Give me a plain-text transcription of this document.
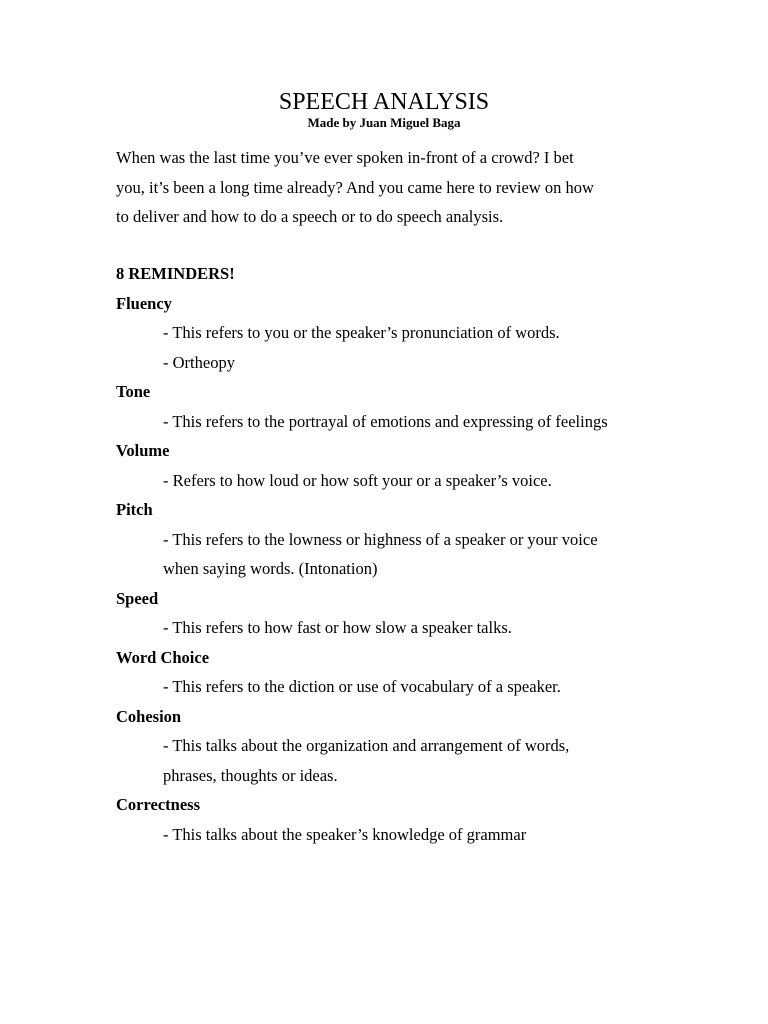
SPEECH ANALYSIS
Made by Juan Miguel Baga
When was the last time you’ve ever spoken in-front of a crowd? I bet
you, it’s been a long time already? And you came here to review on how
to deliver and how to do a speech or to do speech analysis.
8 REMINDERS!
Fluency
- This refers to you or the speaker’s pronunciation of words.
- Ortheopy
Tone
- This refers to the portrayal of emotions and expressing of feelings
Volume
- Refers to how loud or how soft your or a speaker’s voice.
Pitch
- This refers to the lowness or highness of a speaker or your voice
when saying words. (Intonation)
Speed
- This refers to how fast or how slow a speaker talks.
Word Choice
- This refers to the diction or use of vocabulary of a speaker.
Cohesion
- This talks about the organization and arrangement of words,
phrases, thoughts or ideas.
Correctness
- This talks about the speaker’s knowledge of grammar
